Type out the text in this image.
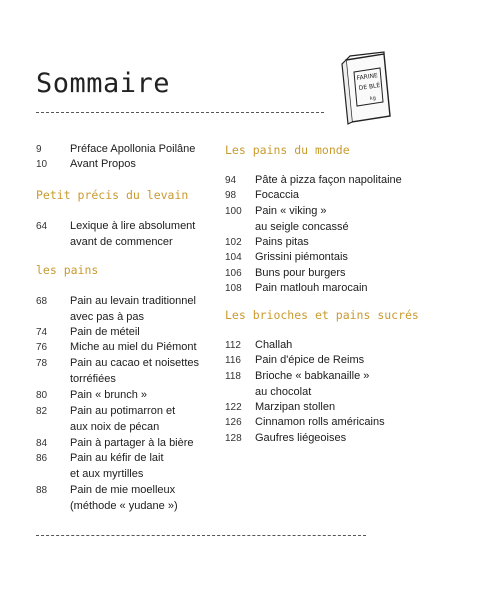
Sommaire	FARINE
DE BLÉ
kg
9	Préface Apollonia Poilâne
10 Avant Propos
Petit précis du levain
64 Lexique à lire absolument
avant de commencer
les pains
68 Pain au levain traditionnel
avec pas à pas
74 Pain de méteil
76 Miche au miel du Piémont
78 Pain au cacao et noisettes
torréfiées
80 Pain « brunch »
82 Pain au potimarron et
aux noix de pécan
84 Pain à partager à la bière
86 Pain au kéfir de lait
et aux myrtilles
88 Pain de mie moelleux
(méthode « yudane »)
Les pains du monde
94 Pâte à pizza façon napolitaine
98 Focaccia
100 Pain « viking »
au seigle concassé
102 Pains pitas
104 Grissini piémontais
106 Buns pour burgers
108 Pain matlouh marocain
Les brioches et pains sucrés
112 Challah
116 Pain d'épice de Reims
118 Brioche « babkanaille »
au chocolat
122 Marzipan stollen
126 Cinnamon rolls américains
128 Gaufres liégeoises
